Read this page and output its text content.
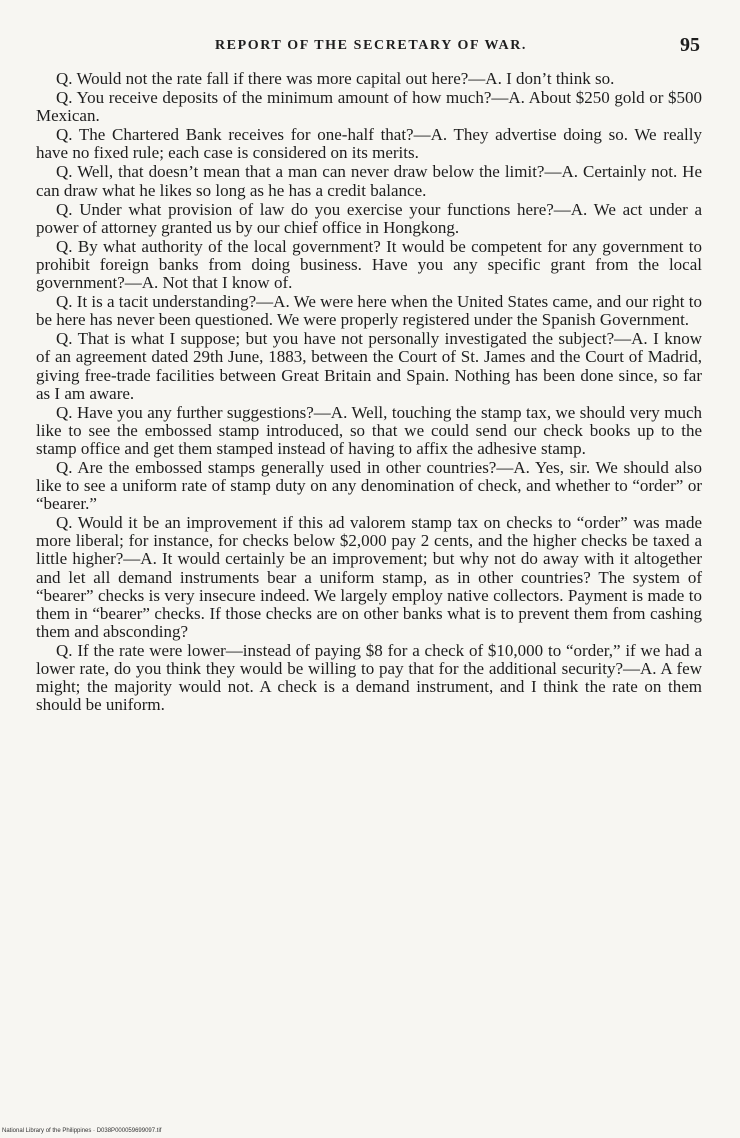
REPORT OF THE SECRETARY OF WAR.	95

Q. Would not the rate fall if there was more capital out here?—A. I don’t think so.

Q. You receive deposits of the minimum amount of how much?—A. About $250 gold or $500 Mexican.

Q. The Chartered Bank receives for one-half that?—A. They advertise doing so. We really have no fixed rule; each case is considered on its merits.

Q. Well, that doesn’t mean that a man can never draw below the limit?—A. Certainly not. He can draw what he likes so long as he has a credit balance.

Q. Under what provision of law do you exercise your functions here?—A. We act under a power of attorney granted us by our chief office in Hongkong.

Q. By what authority of the local government? It would be competent for any government to prohibit foreign banks from doing business. Have you any specific grant from the local government?—A. Not that I know of.

Q. It is a tacit understanding?—A. We were here when the United States came, and our right to be here has never been questioned. We were properly registered under the Spanish Government.

Q. That is what I suppose; but you have not personally investigated the subject?—A. I know of an agreement dated 29th June, 1883, between the Court of St. James and the Court of Madrid, giving free-trade facilities between Great Britain and Spain. Nothing has been done since, so far as I am aware.

Q. Have you any further suggestions?—A. Well, touching the stamp tax, we should very much like to see the embossed stamp introduced, so that we could send our check books up to the stamp office and get them stamped instead of having to affix the adhesive stamp.

Q. Are the embossed stamps generally used in other countries?—A. Yes, sir. We should also like to see a uniform rate of stamp duty on any denomination of check, and whether to “order” or “bearer.”

Q. Would it be an improvement if this ad valorem stamp tax on checks to “order” was made more liberal; for instance, for checks below $2,000 pay 2 cents, and the higher checks be taxed a little higher?—A. It would certainly be an improvement; but why not do away with it altogether and let all demand instruments bear a uniform stamp, as in other countries? The system of “bearer” checks is very insecure indeed. We largely employ native collectors. Payment is made to them in “bearer” checks. If those checks are on other banks what is to prevent them from cashing them and absconding?

Q. If the rate were lower—instead of paying $8 for a check of $10,000 to “order,” if we had a lower rate, do you think they would be willing to pay that for the additional security?—A. A few might; the majority would not. A check is a demand instrument, and I think the rate on them should be uniform.

National Library of the Philippines · D038P000059699097.tif
